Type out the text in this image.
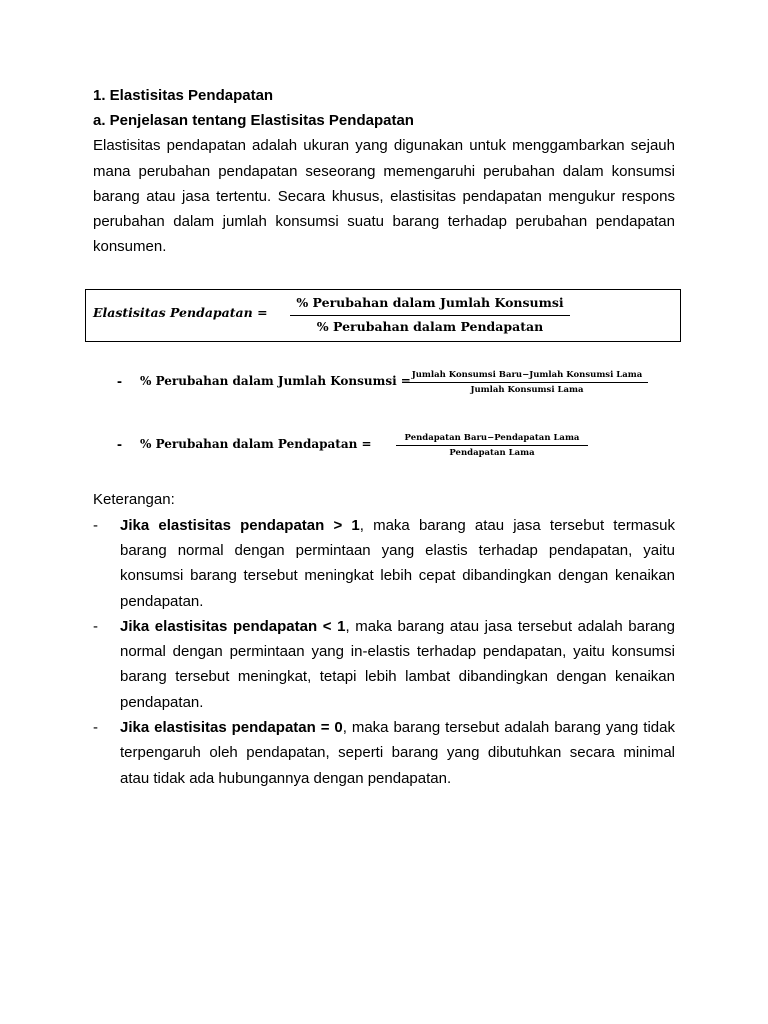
1. Elastisitas Pendapatan
a. Penjelasan tentang Elastisitas Pendapatan
Elastisitas pendapatan adalah ukuran yang digunakan untuk menggambarkan sejauh
mana perubahan pendapatan seseorang memengaruhi perubahan dalam konsumsi
barang atau jasa tertentu. Secara khusus, elastisitas pendapatan mengukur respons
perubahan dalam jumlah konsumsi suatu barang terhadap perubahan pendapatan
konsumen.
Elastisitas Pendapatan =
% Perubahan dalam Jumlah Konsumsi
% Perubahan dalam Pendapatan
- % Perubahan dalam Jumlah Konsumsi = Jumlah Konsumsi Baru−Jumlah Konsumsi Lama
Jumlah Konsumsi Lama
- % Perubahan dalam Pendapatan =	Pendapatan Baru−Pendapatan Lama
Pendapatan Lama
Keterangan:
- Jika elastisitas pendapatan > 1, maka barang atau jasa tersebut termasuk
barang normal dengan permintaan yang elastis terhadap pendapatan, yaitu
konsumsi barang tersebut meningkat lebih cepat dibandingkan dengan kenaikan
pendapatan.
- Jika elastisitas pendapatan < 1, maka barang atau jasa tersebut adalah barang
normal dengan permintaan yang in-elastis terhadap pendapatan, yaitu konsumsi
barang tersebut meningkat, tetapi lebih lambat dibandingkan dengan kenaikan
pendapatan.
- Jika elastisitas pendapatan = 0, maka barang tersebut adalah barang yang tidak
terpengaruh oleh pendapatan, seperti barang yang dibutuhkan secara minimal
atau tidak ada hubungannya dengan pendapatan.
